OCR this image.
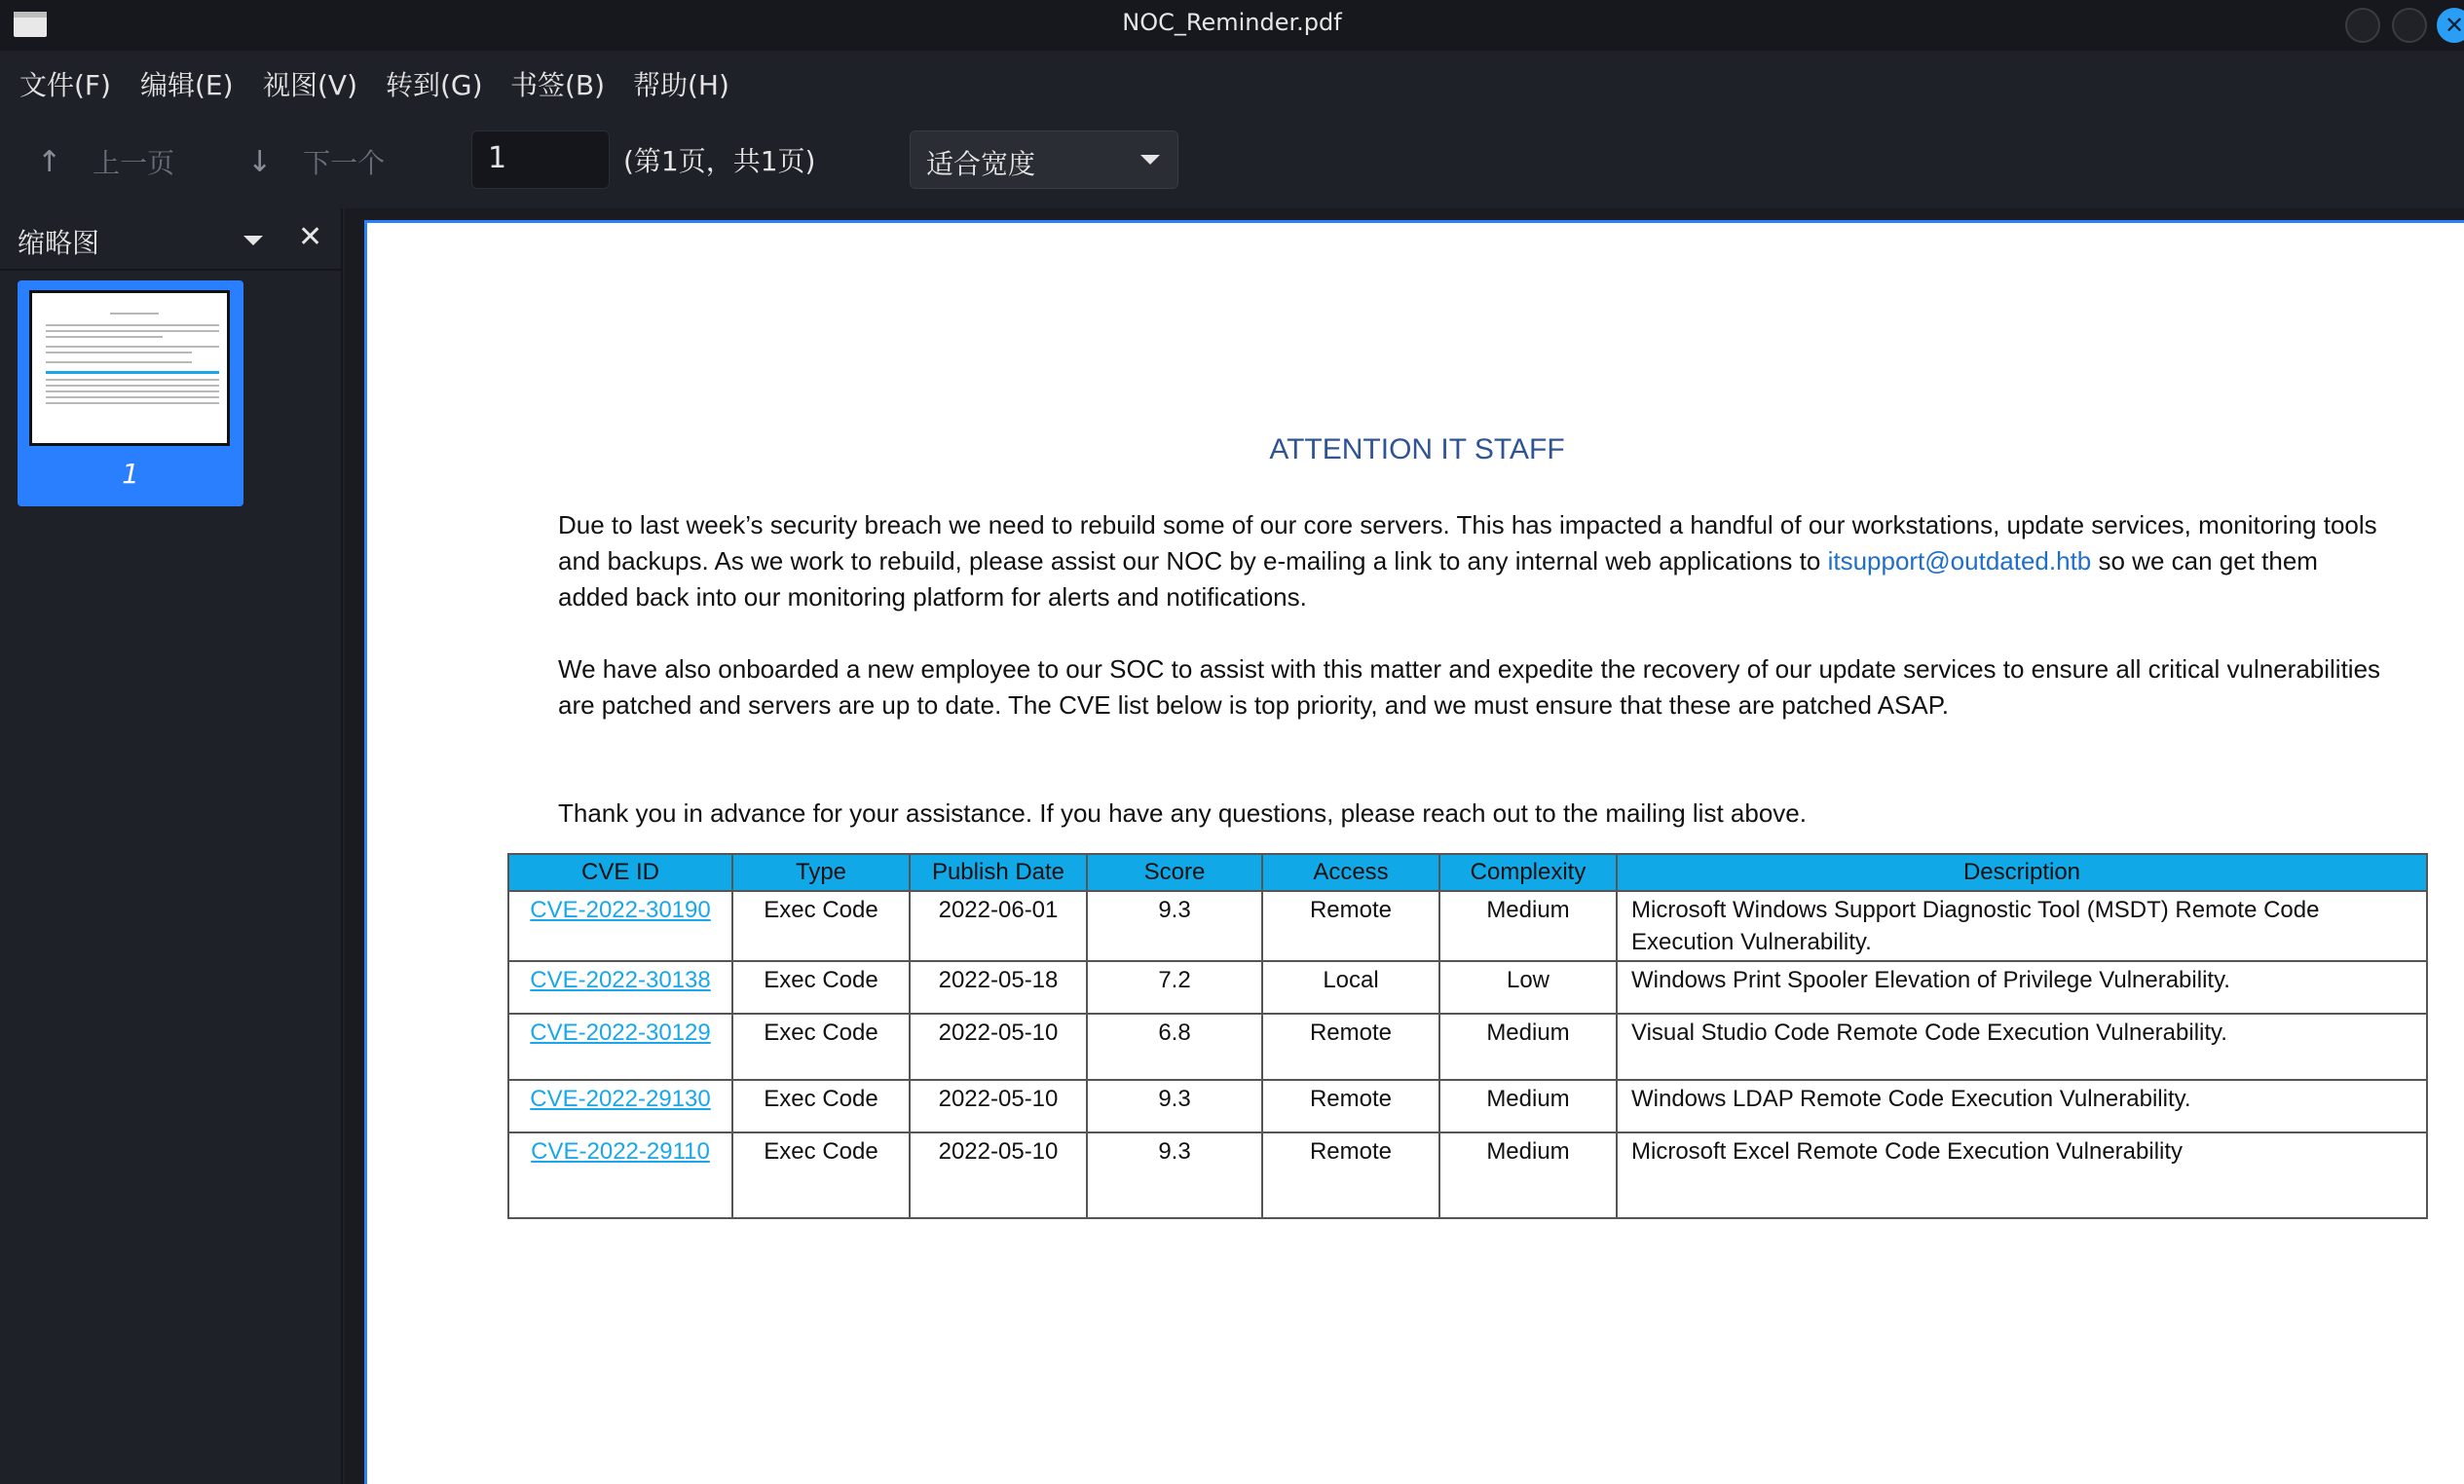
NOC_Reminder.pdf	✕
文件(F) 编辑(E) 视图(V) 转到(G) 书签(B) 帮助(H)
↑ 上一页 ↓ 下一个	1	(第1页，共1页)	适合宽度
缩略图	✕
1
ATTENTION IT STAFF
Due to last week’s security breach we need to rebuild some of our core servers. This has impacted a handful of our workstations, update services, monitoring tools and backups. As we work to rebuild, please assist our NOC by e-mailing a link to any internal web applications to itsupport@outdated.htb so we can get them added back into our monitoring platform for alerts and notifications.
We have also onboarded a new employee to our SOC to assist with this matter and expedite the recovery of our update services to ensure all critical vulnerabilities are patched and servers are up to date. The CVE list below is top priority, and we must ensure that these are patched ASAP.
Thank you in advance for your assistance. If you have any questions, please reach out to the mailing list above.
CVE ID	Type	Publish Date	Score	Access	Complexity	Description
CVE-2022-30190	Exec Code	2022-06-01	9.3	Remote	Medium	Microsoft Windows Support Diagnostic Tool (MSDT) Remote Code Execution Vulnerability.
CVE-2022-30138	Exec Code	2022-05-18	7.2	Local	Low	Windows Print Spooler Elevation of Privilege Vulnerability.
CVE-2022-30129	Exec Code	2022-05-10	6.8	Remote	Medium	Visual Studio Code Remote Code Execution Vulnerability.
CVE-2022-29130	Exec Code	2022-05-10	9.3	Remote	Medium	Windows LDAP Remote Code Execution Vulnerability.
CVE-2022-29110	Exec Code	2022-05-10	9.3	Remote	Medium	Microsoft Excel Remote Code Execution Vulnerability
